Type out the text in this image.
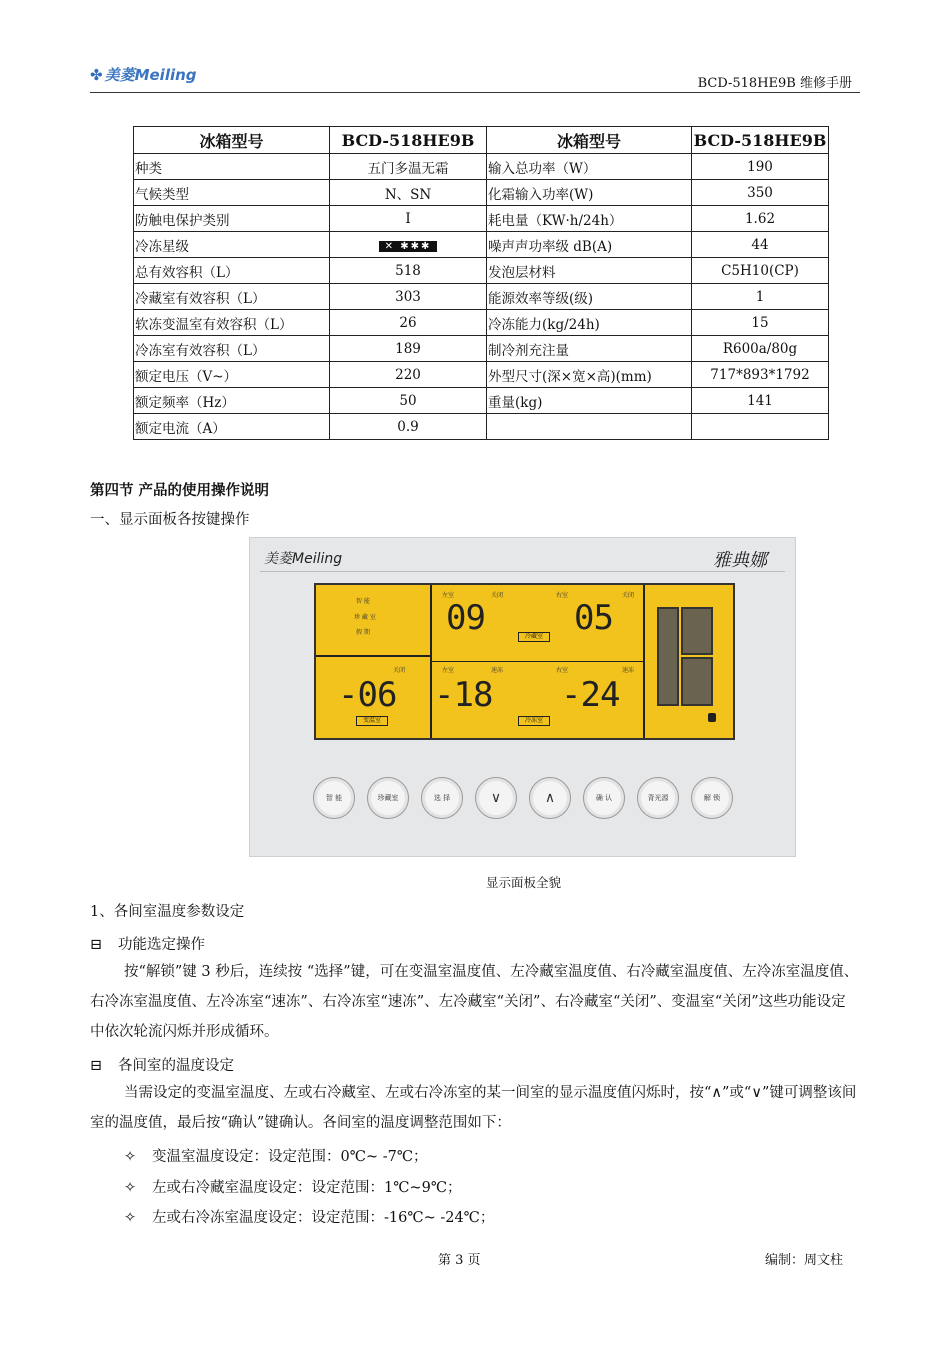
✤ 美菱Meiling	BCD-518HE9B 维修手册
冰箱型号	BCD-518HE9B	冰箱型号	BCD-518HE9B
种类	五门多温无霜	输入总功率（W）	190
气候类型	N、SN	化霜输入功率(W)	350
防触电保护类别	I	耗电量（KW·h/24h）	1.62
冷冻星级	✕ ✱✱✱	噪声声功率级 dB(A)	44
总有效容积（L）	518	发泡层材料	C5H10(CP)
冷藏室有效容积（L）	303	能源效率等级(级)	1
软冻变温室有效容积（L）	26	冷冻能力(kg/24h)	15
冷冻室有效容积（L）	189	制冷剂充注量	R600a/80g
额定电压（V~）	220	外型尺寸(深×宽×高)(mm)	717*893*1792
额定频率（Hz）	50	重量(kg)	141
额定电流（A）	0.9		
第四节 产品的使用操作说明
一、显示面板各按键操作
美菱Meiling	雅典娜
智 能
珍 藏 室
假 期
左室	关闭	右室	关闭
09	05
冷藏室
关闭	左室	速冻	右室	速冻
-06 -18 -24
变温室	冷冻室
智 能	珍藏室	选 择	∨	∧	确 认	背光源	解 锁
显示面板全貌
1、各间室温度参数设定
⊟ 功能选定操作
按“解锁”键 3 秒后，连续按 “选择”键，可在变温室温度值、左冷藏室温度值、右冷藏室温度值、左冷冻室温度值、右冷冻室温度值、左冷冻室“速冻”、右冷冻室“速冻”、左冷藏室“关闭”、右冷藏室“关闭”、变温室“关闭”这些功能设定中依次轮流闪烁并形成循环。
⊟ 各间室的温度设定
当需设定的变温室温度、左或右冷藏室、左或右冷冻室的某一间室的显示温度值闪烁时，按“∧”或“∨”键可调整该间室的温度值，最后按“确认”键确认。各间室的温度调整范围如下：
✧ 变温室温度设定：设定范围：0℃~ -7℃；
✧ 左或右冷藏室温度设定：设定范围：1℃~9℃；
✧ 左或右冷冻室温度设定：设定范围：-16℃~ -24℃；
第 3 页	编制：周文柱
